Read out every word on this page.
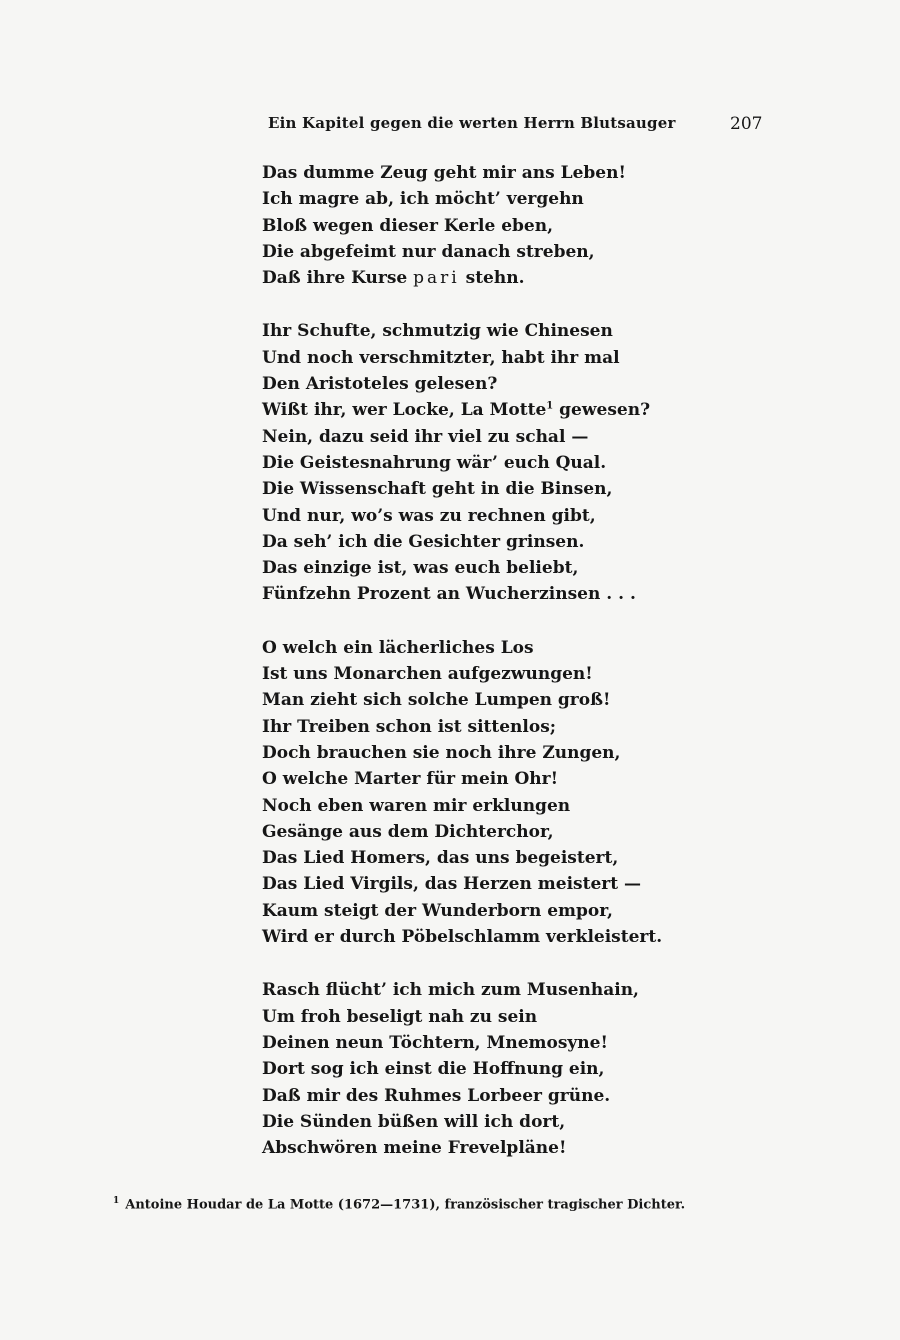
Ein Kapitel gegen die werten Herrn Blutsauger	207
Das dumme Zeug geht mir ans Leben!
Ich magre ab, ich möcht’ vergehn
Bloß wegen dieser Kerle eben,
Die abgefeimt nur danach streben,
Daß ihre Kurse pari stehn.
Ihr Schufte, schmutzig wie Chinesen
Und noch verschmitzter, habt ihr mal
Den Aristoteles gelesen?
Wißt ihr, wer Locke, La Motte$^1$ gewesen?
Nein, dazu seid ihr viel zu schal —
Die Geistesnahrung wär’ euch Qual.
Die Wissenschaft geht in die Binsen,
Und nur, wo’s was zu rechnen gibt,
Da seh’ ich die Gesichter grinsen.
Das einzige ist, was euch beliebt,
Fünfzehn Prozent an Wucherzinsen . . .
O welch ein lächerliches Los
Ist uns Monarchen aufgezwungen!
Man zieht sich solche Lumpen groß!
Ihr Treiben schon ist sittenlos;
Doch brauchen sie noch ihre Zungen,
O welche Marter für mein Ohr!
Noch eben waren mir erklungen
Gesänge aus dem Dichterchor,
Das Lied Homers, das uns begeistert,
Das Lied Virgils, das Herzen meistert —
Kaum steigt der Wunderborn empor,
Wird er durch Pöbelschlamm verkleistert.
Rasch flücht’ ich mich zum Musenhain,
Um froh beseligt nah zu sein
Deinen neun Töchtern, Mnemosyne!
Dort sog ich einst die Hoffnung ein,
Daß mir des Ruhmes Lorbeer grüne.
Die Sünden büßen will ich dort,
Abschwören meine Frevelpläne!
$^1$ Antoine Houdar de La Motte (1672—1731), französischer tragischer Dichter.
